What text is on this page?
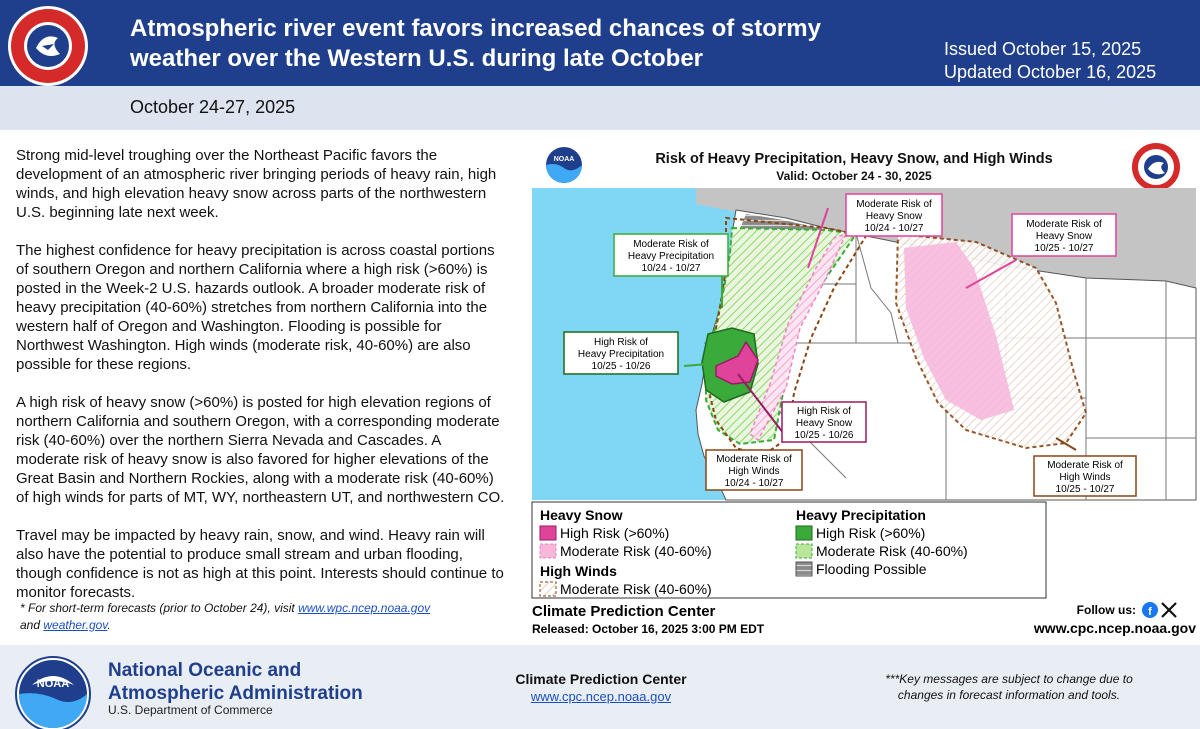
Atmospheric river event favors increased chances of stormy weather over the Western U.S. during late October	Issued October 15, 2025
Updated October 16, 2025
October 24-27, 2025

Strong mid-level troughing over the Northeast Pacific favors the development of an atmospheric river bringing periods of heavy rain, high winds, and high elevation heavy snow across parts of the northwestern U.S. beginning late next week.

The highest confidence for heavy precipitation is across coastal portions of southern Oregon and northern California where a high risk (>60%) is posted in the Week-2 U.S. hazards outlook. A broader moderate risk of heavy precipitation (40-60%) stretches from northern California into the western half of Oregon and Washington. Flooding is possible for Northwest Washington. High winds (moderate risk, 40-60%) are also possible for these regions.

A high risk of heavy snow (>60%) is posted for high elevation regions of northern California and southern Oregon, with a corresponding moderate risk (40-60%) over the northern Sierra Nevada and Cascades. A moderate risk of heavy snow is also favored for higher elevations of the Great Basin and Northern Rockies, along with a moderate risk (40-60%) of high winds for parts of MT, WY, northeastern UT, and northwestern CO.

Travel may be impacted by heavy rain, snow, and wind. Heavy rain will also have the potential to produce small stream and urban flooding, though confidence is not as high at this point. Interests should continue to monitor forecasts.

* For short-term forecasts (prior to October 24), visit www.wpc.ncep.noaa.gov
and weather.gov.
NOAA	Risk of Heavy Precipitation, Heavy Snow, and High Winds
Valid: October 24 - 30, 2025
Moderate Risk of
Heavy Precipitation
10/24 - 10/27
High Risk of
Heavy Precipitation
10/25 - 10/26
Moderate Risk of
Heavy Snow
10/24 - 10/27	Moderate Risk of
Heavy Snow
10/25 - 10/27
High Risk of
Heavy Snow
10/25 - 10/26
Moderate Risk of
High Winds
10/24 - 10/27
Moderate Risk of
High Winds
10/25 - 10/27
Heavy Snow
High Risk (>60%)
Moderate Risk (40-60%)
High Winds
Moderate Risk (40-60%)
Heavy Precipitation
High Risk (>60%)
Moderate Risk (40-60%)
Flooding Possible
Climate Prediction Center
Released: October 16, 2025 3:00 PM EDT
Follow us: f
www.cpc.ncep.noaa.gov
NOAA
National Oceanic and
Atmospheric Administration
U.S. Department of Commerce
Climate Prediction Center
www.cpc.ncep.noaa.gov
***Key messages are subject to change due to changes in forecast information and tools.
